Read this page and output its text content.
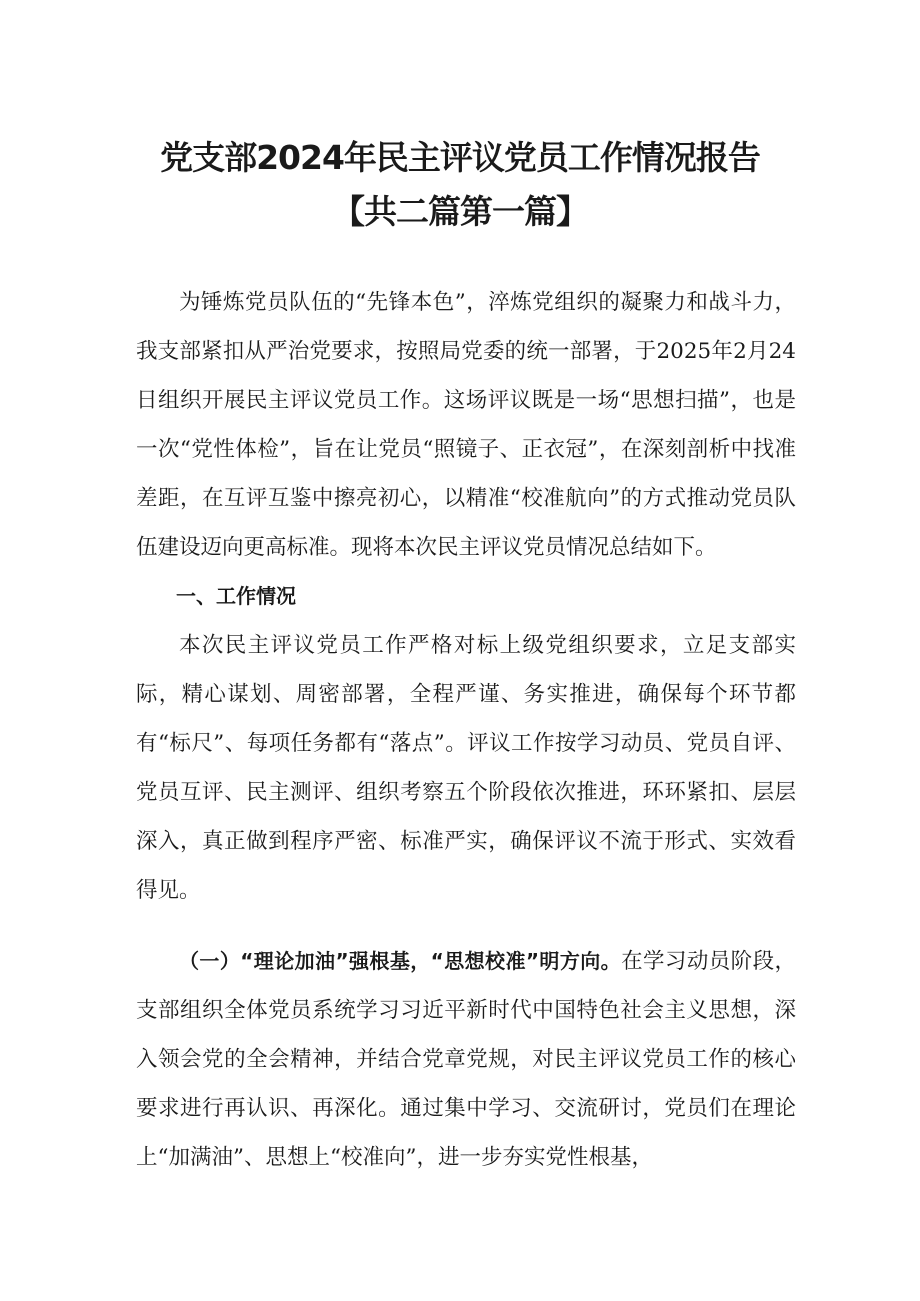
党支部2024年民主评议党员工作情况报告
【共二篇第一篇】

为锤炼党员队伍的“先锋本色”，淬炼党组织的凝聚力和战斗力，我支部紧扣从严治党要求，按照局党委的统一部署，于2025年2月24日组织开展民主评议党员工作。这场评议既是一场“思想扫描”，也是一次“党性体检”，旨在让党员“照镜子、正衣冠”，在深刻剖析中找准差距，在互评互鉴中擦亮初心，以精准“校准航向”的方式推动党员队伍建设迈向更高标准。现将本次民主评议党员情况总结如下。

一、工作情况

本次民主评议党员工作严格对标上级党组织要求，立足支部实际，精心谋划、周密部署，全程严谨、务实推进，确保每个环节都有“标尺”、每项任务都有“落点”。评议工作按学习动员、党员自评、党员互评、民主测评、组织考察五个阶段依次推进，环环紧扣、层层深入，真正做到程序严密、标准严实，确保评议不流于形式、实效看得见。

（一）“理论加油”强根基，“思想校准”明方向。在学习动员阶段，支部组织全体党员系统学习习近平新时代中国特色社会主义思想，深入领会党的全会精神，并结合党章党规，对民主评议党员工作的核心要求进行再认识、再深化。通过集中学习、交流研讨，党员们在理论上“加满油”、思想上“校准向”，进一步夯实党性根基，
